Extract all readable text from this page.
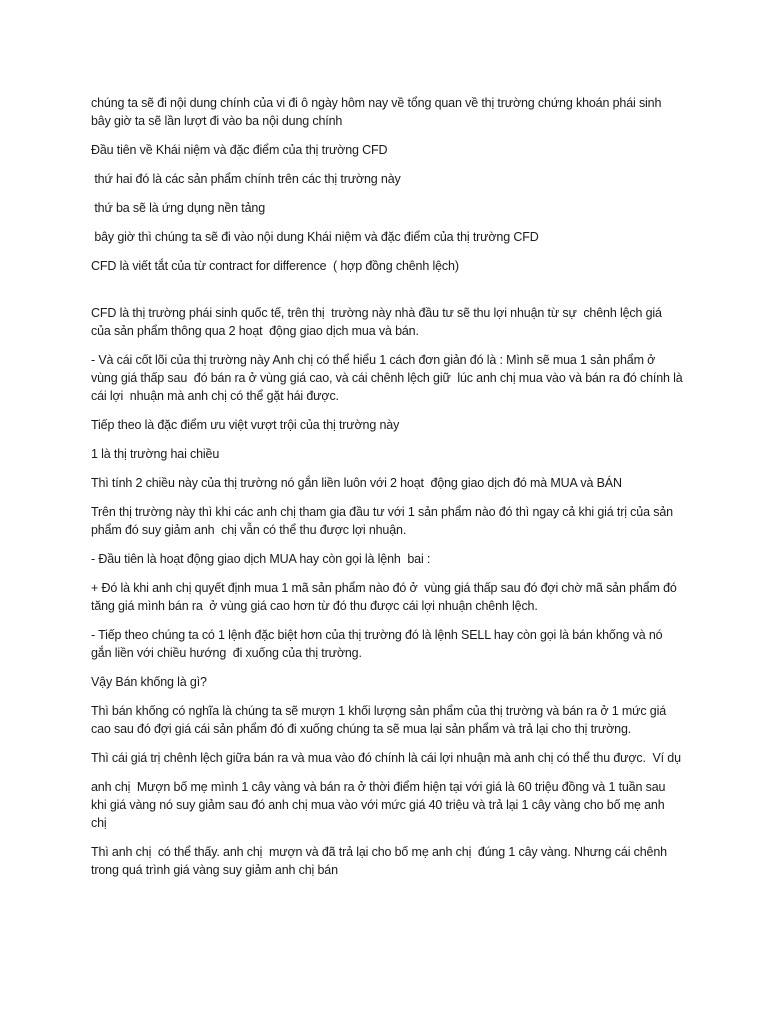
chúng ta sẽ đi nội dung chính của vi đi ô ngày hôm nay về tổng quan về thị trường chứng khoán phái sinh bây giờ ta sẽ lần lượt đi vào ba nội dung chính

Đầu tiên về Khái niệm và đặc điểm của thị trường CFD

thứ hai đó là các sản phẩm chính trên các thị trường này

thứ ba sẽ là ứng dụng nền tảng

bây giờ thì chúng ta sẽ đi vào nội dung Khái niệm và đặc điểm của thị trường CFD

CFD là viết tắt của từ contract for difference  ( hợp đồng chênh lệch)

CFD là thị trường phái sinh quốc tế, trên thị  trường này nhà đầu tư sẽ thu lợi nhuận từ sự  chênh lệch giá của sản phẩm thông qua 2 hoạt  động giao dịch mua và bán.

- Và cái cốt lõi của thị trường này Anh chị có thể hiểu 1 cách đơn giản đó là : Mình sẽ mua 1 sản phẩm ở vùng giá thấp sau  đó bán ra ở vùng giá cao, và cái chênh lệch giữ  lúc anh chị mua vào và bán ra đó chính là cái lợi  nhuận mà anh chị có thể gặt hái được.

Tiếp theo là đặc điểm ưu việt vượt trội của thị trường này

1 là thị trường hai chiều

Thì tính 2 chiều này của thị trường nó gắn liền luôn với 2 hoạt  động giao dịch đó mà MUA và BÁN

Trên thị trường này thì khi các anh chị tham gia đầu tư với 1 sản phẩm nào đó thì ngay cả khi giá trị của sản phẩm đó suy giảm anh  chị vẫn có thể thu được lợi nhuận.

- Đầu tiên là hoạt động giao dịch MUA hay còn gọi là lệnh  bai :

+ Đó là khi anh chị quyết định mua 1 mã sản phẩm nào đó ở  vùng giá thấp sau đó đợi chờ mã sản phẩm đó tăng giá mình bán ra  ở vùng giá cao hơn từ đó thu được cái lợi nhuận chênh lệch.

- Tiếp theo chúng ta có 1 lệnh đặc biệt hơn của thị trường đó là lệnh SELL hay còn gọi là bán khống và nó gắn liền với chiều hướng  đi xuống của thị trường.

Vậy Bán khống là gì?

Thì bán khống có nghĩa là chúng ta sẽ mượn 1 khối lượng sản phẩm của thị trường và bán ra ở 1 mức giá cao sau đó đợi giá cái sản phẩm đó đi xuống chúng ta sẽ mua lại sản phẩm và trả lại cho thị trường.

Thì cái giá trị chênh lệch giữa bán ra và mua vào đó chính là cái lợi nhuận mà anh chị có thể thu được.  Ví dụ

anh chị  Mượn bố mẹ mình 1 cây vàng và bán ra ở thời điểm hiện tại với giá là 60 triệu đồng và 1 tuần sau khi giá vàng nó suy giảm sau đó anh chị mua vào với mức giá 40 triệu và trả lại 1 cây vàng cho bố mẹ anh chị

Thì anh chị  có thể thấy. anh chị  mượn và đã trả lại cho bố mẹ anh chị  đúng 1 cây vàng. Nhưng cái chênh trong quá trình giá vàng suy giảm anh chị bán
